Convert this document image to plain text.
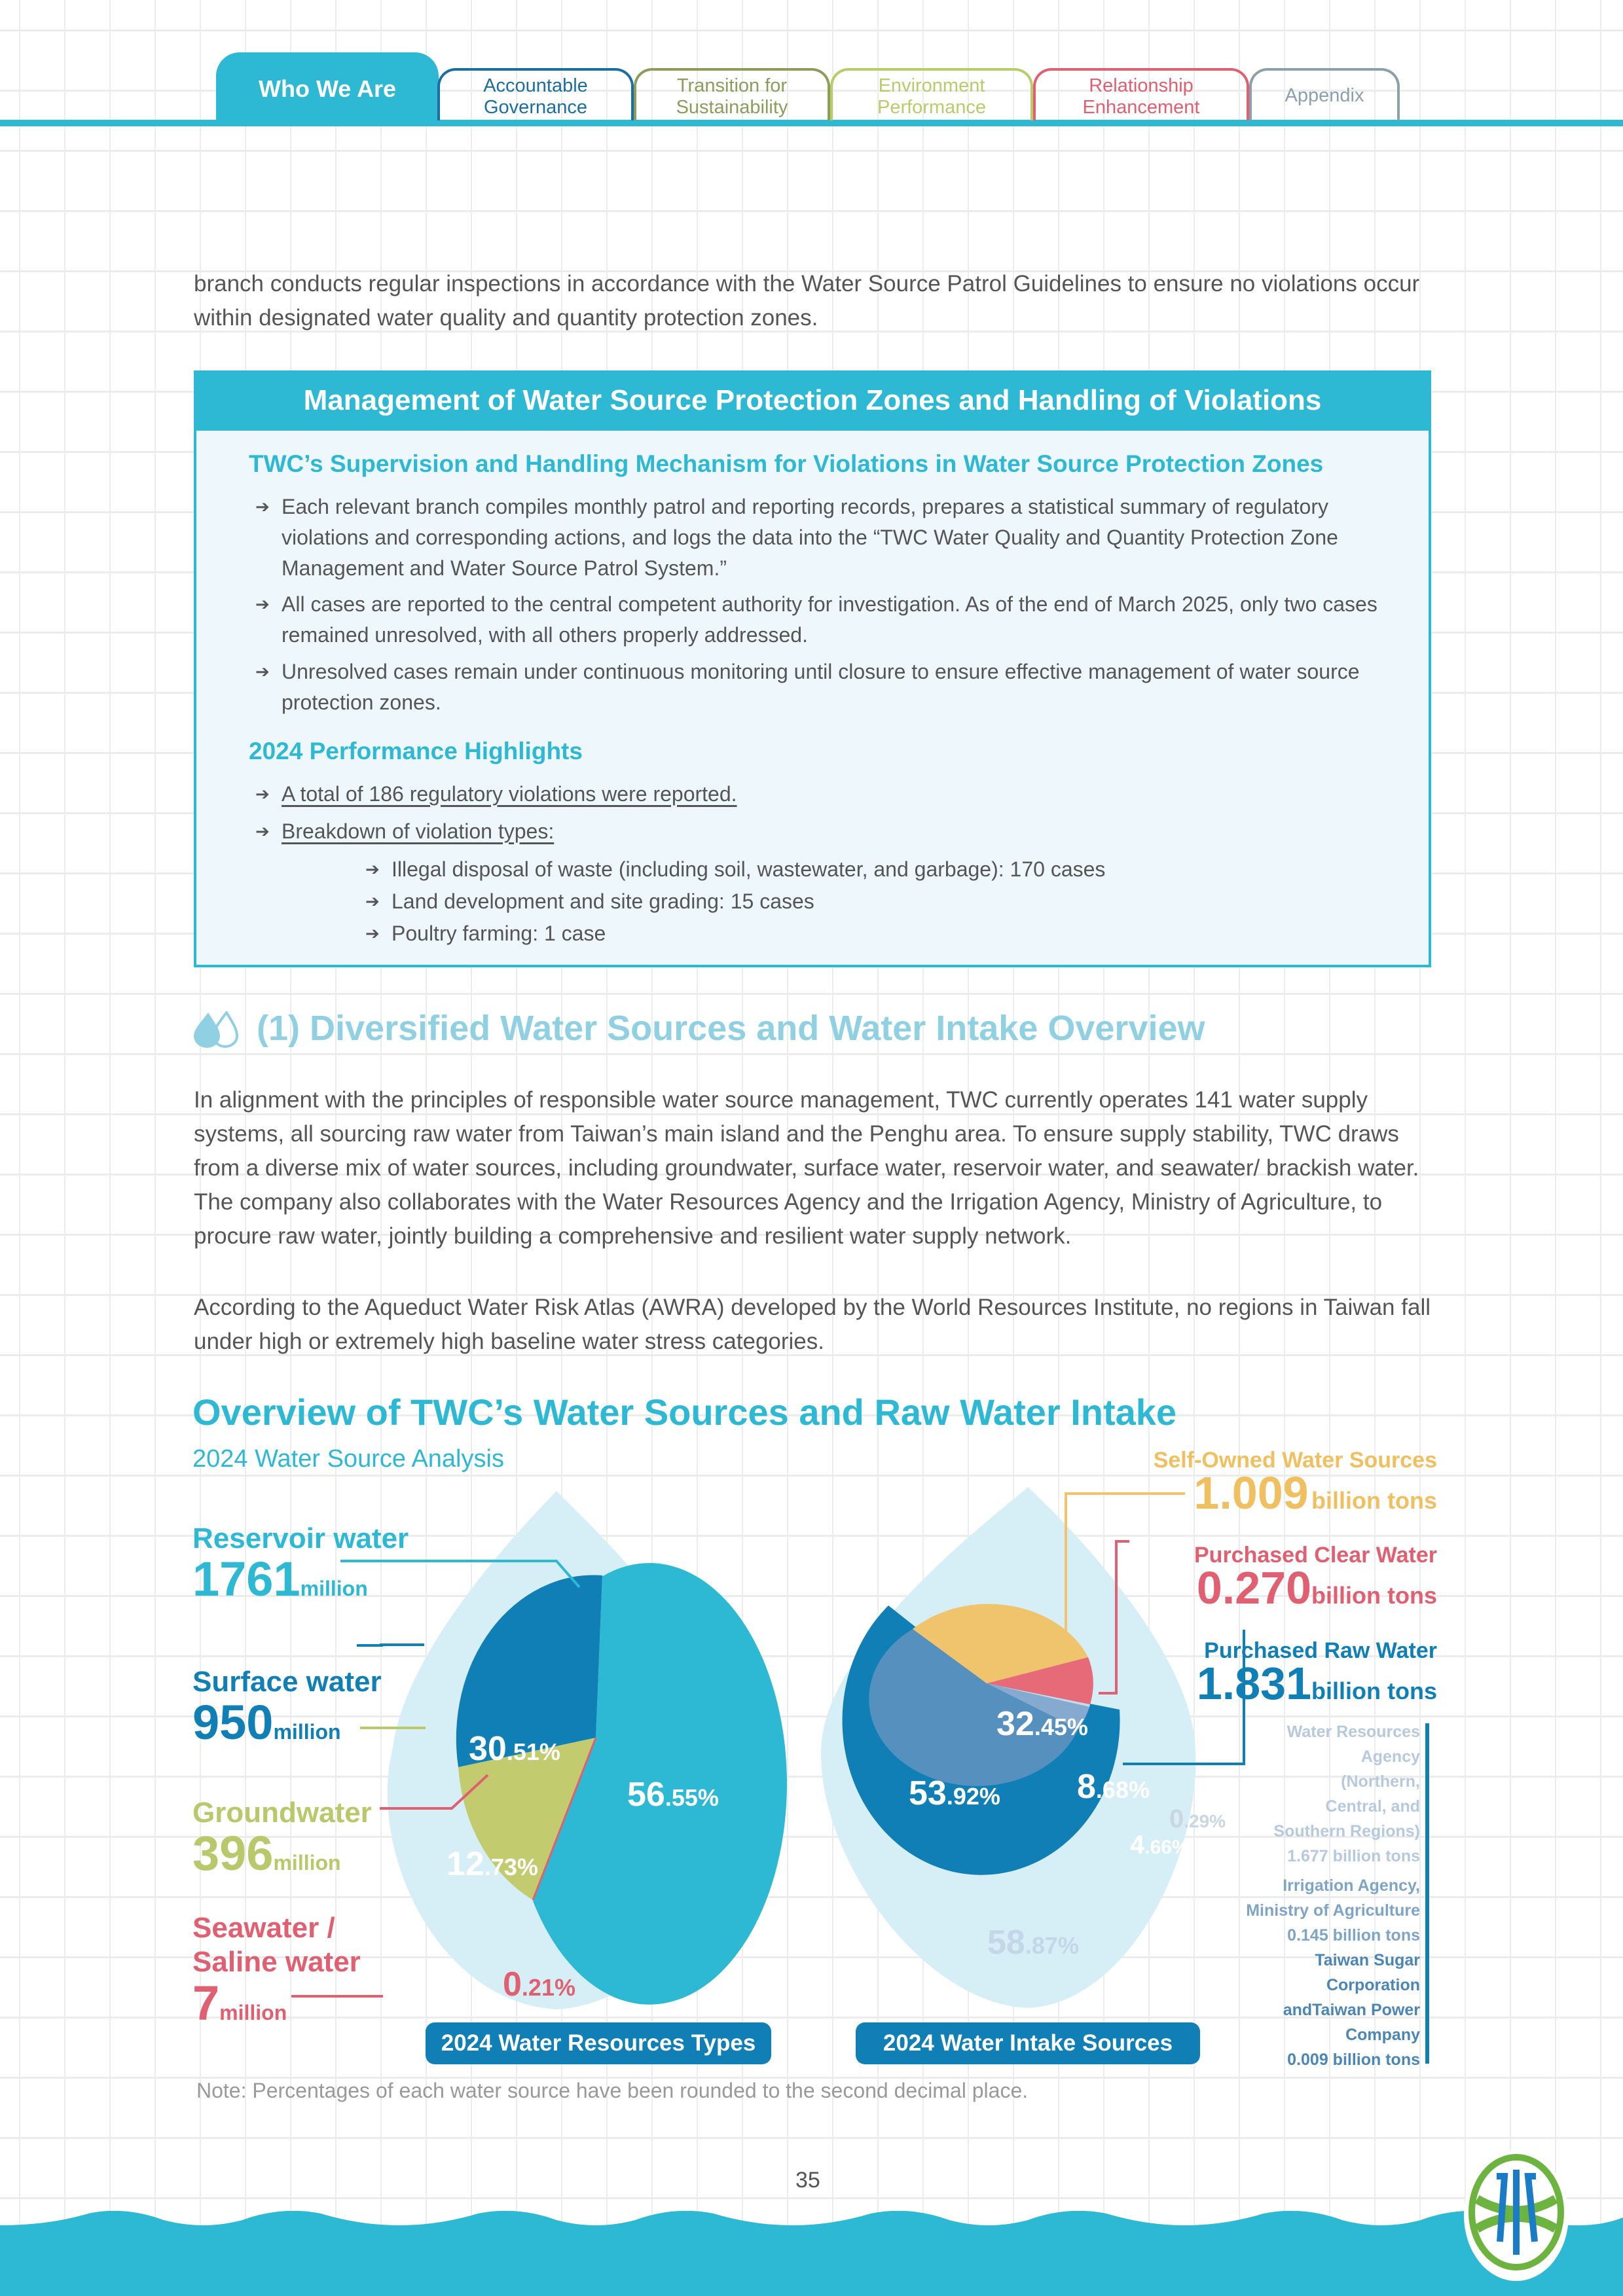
Who We Are	Accountable Governance
Transition for Sustainability
Environment Performance
Relationship Enhancement
Appendix
branch conducts regular inspections in accordance with the Water Source Patrol Guidelines to ensure no violations occur within designated water quality and quantity protection zones.
Management of Water Source Protection Zones and Handling of Violations
TWC’s Supervision and Handling Mechanism for Violations in Water Source Protection Zones
➔ Each relevant branch compiles monthly patrol and reporting records, prepares a statistical summary of regulatory violations and corresponding actions, and logs the data into the “TWC Water Quality and Quantity Protection Zone Management and Water Source Patrol System.”
➔ All cases are reported to the central competent authority for investigation. As of the end of March 2025, only two cases remained unresolved, with all others properly addressed.
➔ Unresolved cases remain under continuous monitoring until closure to ensure effective management of water source protection zones.
2024 Performance Highlights
➔ A total of 186 regulatory violations were reported.
➔ Breakdown of violation types:
➔ Illegal disposal of waste (including soil, wastewater, and garbage): 170 cases
➔ Land development and site grading: 15 cases
➔ Poultry farming: 1 case
(1) Diversified Water Sources and Water Intake Overview
In alignment with the principles of responsible water source management, TWC currently operates 141 water supply systems, all sourcing raw water from Taiwan’s main island and the Penghu area. To ensure supply stability, TWC draws from a diverse mix of water sources, including groundwater, surface water, reservoir water, and seawater/ brackish water. The company also collaborates with the Water Resources Agency and the Irrigation Agency, Ministry of Agriculture, to procure raw water, jointly building a comprehensive and resilient water supply network.
According to the Aqueduct Water Risk Atlas (AWRA) developed by the World Resources Institute, no regions in Taiwan fall under high or extremely high baseline water stress categories.
Overview of TWC’s Water Sources and Raw Water Intake
2024 Water Source Analysis
Reservoir water
1761million
Surface water
950million
Groundwater
396million
Seawater / Saline water
7million
56.55%
30.51%
12.73%
0.21%
2024 Water Resources Types
32.45%
8.68%
0.29%
4.66%
53.92%
58.87%
2024 Water Intake Sources
Self-Owned Water Sources
1.009 billion tons
Purchased Clear Water
0.270billion tons
Purchased Raw Water
1.831billion tons
Water Resources
Agency
(Northern,
Central, and
Southern Regions)
1.677 billion tons
Irrigation Agency,
Ministry of Agriculture
0.145 billion tons
Taiwan Sugar
Corporation
andTaiwan Power
Company
0.009 billion tons
Note: Percentages of each water source have been rounded to the second decimal place.
35
